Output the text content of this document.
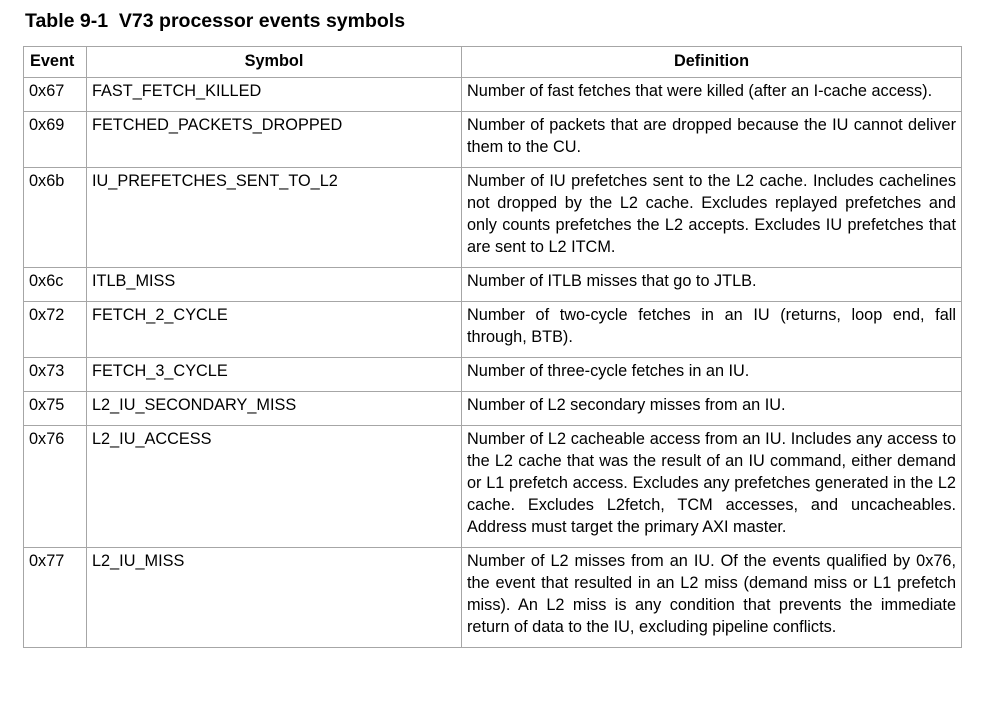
Table 9-1  V73 processor events symbols
Event	Symbol	Definition
0x67	FAST_FETCH_KILLED	Number of fast fetches that were killed (after an I-cache access).
0x69	FETCHED_PACKETS_DROPPED	Number of packets that are dropped because the IU cannot deliver them to the CU.
0x6b	IU_PREFETCHES_SENT_TO_L2	Number of IU prefetches sent to the L2 cache. Includes cachelines not dropped by the L2 cache. Excludes replayed prefetches and only counts prefetches the L2 accepts. Excludes IU prefetches that are sent to L2 ITCM.
0x6c	ITLB_MISS	Number of ITLB misses that go to JTLB.
0x72	FETCH_2_CYCLE	Number of two-cycle fetches in an IU (returns, loop end, fall through, BTB).
0x73	FETCH_3_CYCLE	Number of three-cycle fetches in an IU.
0x75	L2_IU_SECONDARY_MISS	Number of L2 secondary misses from an IU.
0x76	L2_IU_ACCESS	Number of L2 cacheable access from an IU. Includes any access to the L2 cache that was the result of an IU command, either demand or L1 prefetch access. Excludes any prefetches generated in the L2 cache. Excludes L2fetch, TCM accesses, and uncacheables. Address must target the primary AXI master.
0x77	L2_IU_MISS	Number of L2 misses from an IU. Of the events qualified by 0x76, the event that resulted in an L2 miss (demand miss or L1 prefetch miss). An L2 miss is any condition that prevents the immediate return of data to the IU, excluding pipeline conflicts.
